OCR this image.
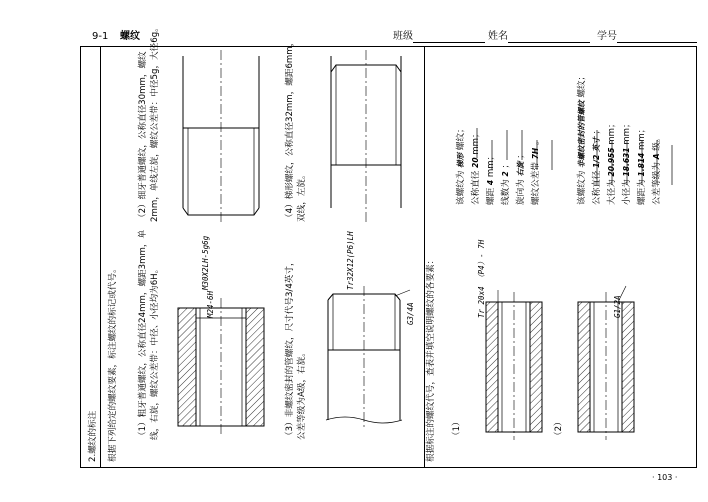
9-1 螺纹	班级	姓名	学号
2.螺纹的标注 根据下列给定的螺纹要素，标注螺纹的标记或代号。	根据标注的螺纹代号，查表并填空说明螺纹的各要素：
（1）粗牙普通螺纹，公称直径24mm，螺距3mm，单 线，右旋，螺纹公差带：中径、小径均为6H。	M24-6H
（2）细牙普通螺纹，公称直径30mm，螺纹 2mm，单线左旋，螺纹公差带：中径5g，大径6g。
M30X2LH-5g6g	（3）非螺纹密封的管螺纹，尺寸代号3/4英寸， 公差等级为A级，右旋。
G3/4A
（4）梯形螺纹，公称直径32mm，螺距6mm， 双线，左旋。
Tr32X12(P6)LH
（1）	（2）
Tr 20x4 （P4）- 7H	G1/2A
该螺纹为 梯形 螺纹；
公称直径 20 mm；
螺距 4 mm；
线数为 2 ；
旋向为 右旋 ；
螺纹公差带 7H 。
该螺纹为 非螺纹密封的管螺纹 螺纹；
公称直径 1/2 英寸 ；
大径为 20.955 mm；
小径为 18.631 mm；
螺距为 1.814 mm；
公差等级为 A 级。
· 103 ·
